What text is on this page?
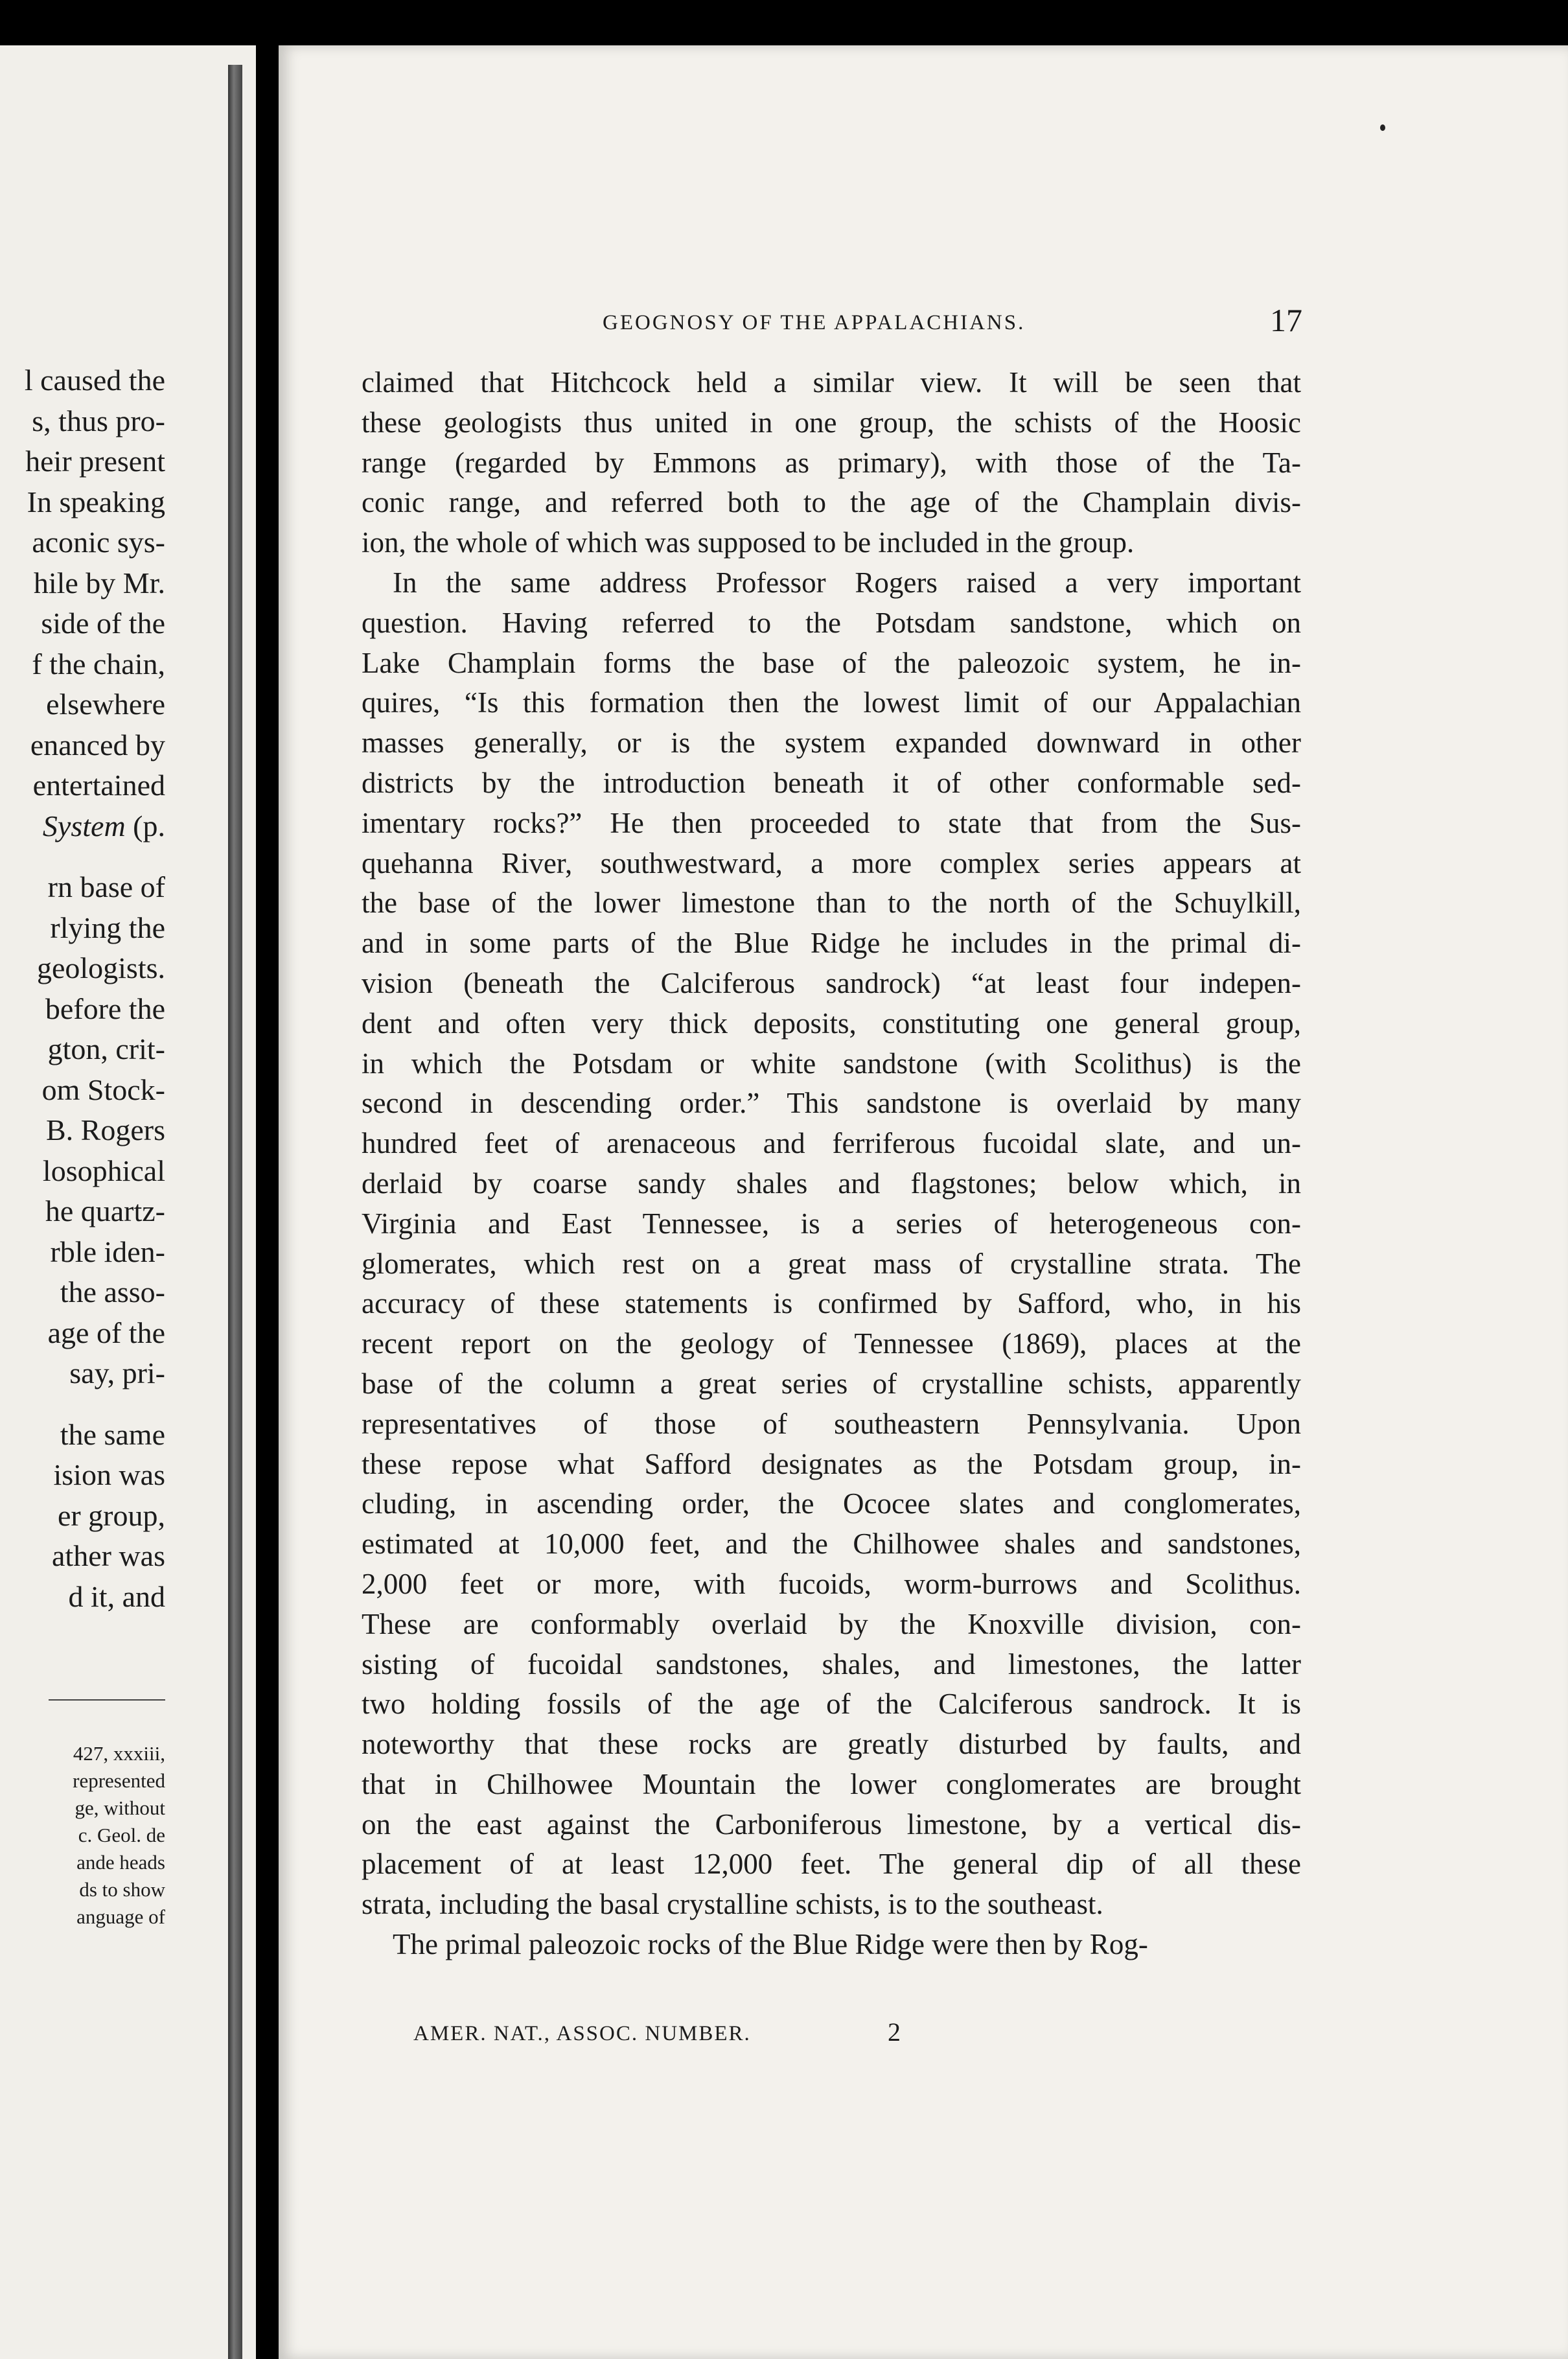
l caused the
s, thus pro-
heir present
In speaking
aconic sys-
hile by Mr.
side of the
f the chain,
elsewhere
enanced by
entertained
System (p.
rn base of
rlying the
geologists.
before the
gton, crit-
om Stock-
B. Rogers
losophical
he quartz-
rble iden-
the asso-
age of the
say, pri-
the same
ision was
er group,
ather was
d it, and
427, xxxiii,
represented
ge, without
c. Geol. de
ande heads
ds to show
anguage of
GEOGNOSY OF THE APPALACHIANS.	17
claimed that Hitchcock held a similar view. It will be seen that
these geologists thus united in one group, the schists of the Hoosic
range (regarded by Emmons as primary), with those of the Ta-
conic range, and referred both to the age of the Champlain divis-
ion, the whole of which was supposed to be included in the group.
In the same address Professor Rogers raised a very important
question. Having referred to the Potsdam sandstone, which on
Lake Champlain forms the base of the paleozoic system, he in-
quires, “Is this formation then the lowest limit of our Appalachian
masses generally, or is the system expanded downward in other
districts by the introduction beneath it of other conformable sed-
imentary rocks?” He then proceeded to state that from the Sus-
quehanna River, southwestward, a more complex series appears at
the base of the lower limestone than to the north of the Schuylkill,
and in some parts of the Blue Ridge he includes in the primal di-
vision (beneath the Calciferous sandrock) “at least four indepen-
dent and often very thick deposits, constituting one general group,
in which the Potsdam or white sandstone (with Scolithus) is the
second in descending order.” This sandstone is overlaid by many
hundred feet of arenaceous and ferriferous fucoidal slate, and un-
derlaid by coarse sandy shales and flagstones; below which, in
Virginia and East Tennessee, is a series of heterogeneous con-
glomerates, which rest on a great mass of crystalline strata. The
accuracy of these statements is confirmed by Safford, who, in his
recent report on the geology of Tennessee (1869), places at the
base of the column a great series of crystalline schists, apparently
representatives of those of southeastern Pennsylvania. Upon
these repose what Safford designates as the Potsdam group, in-
cluding, in ascending order, the Ococee slates and conglomerates,
estimated at 10,000 feet, and the Chilhowee shales and sandstones,
2,000 feet or more, with fucoids, worm-burrows and Scolithus.
These are conformably overlaid by the Knoxville division, con-
sisting of fucoidal sandstones, shales, and limestones, the latter
two holding fossils of the age of the Calciferous sandrock. It is
noteworthy that these rocks are greatly disturbed by faults, and
that in Chilhowee Mountain the lower conglomerates are brought
on the east against the Carboniferous limestone, by a vertical dis-
placement of at least 12,000 feet. The general dip of all these
strata, including the basal crystalline schists, is to the southeast.
The primal paleozoic rocks of the Blue Ridge were then by Rog-
AMER. NAT., ASSOC. NUMBER.	2
